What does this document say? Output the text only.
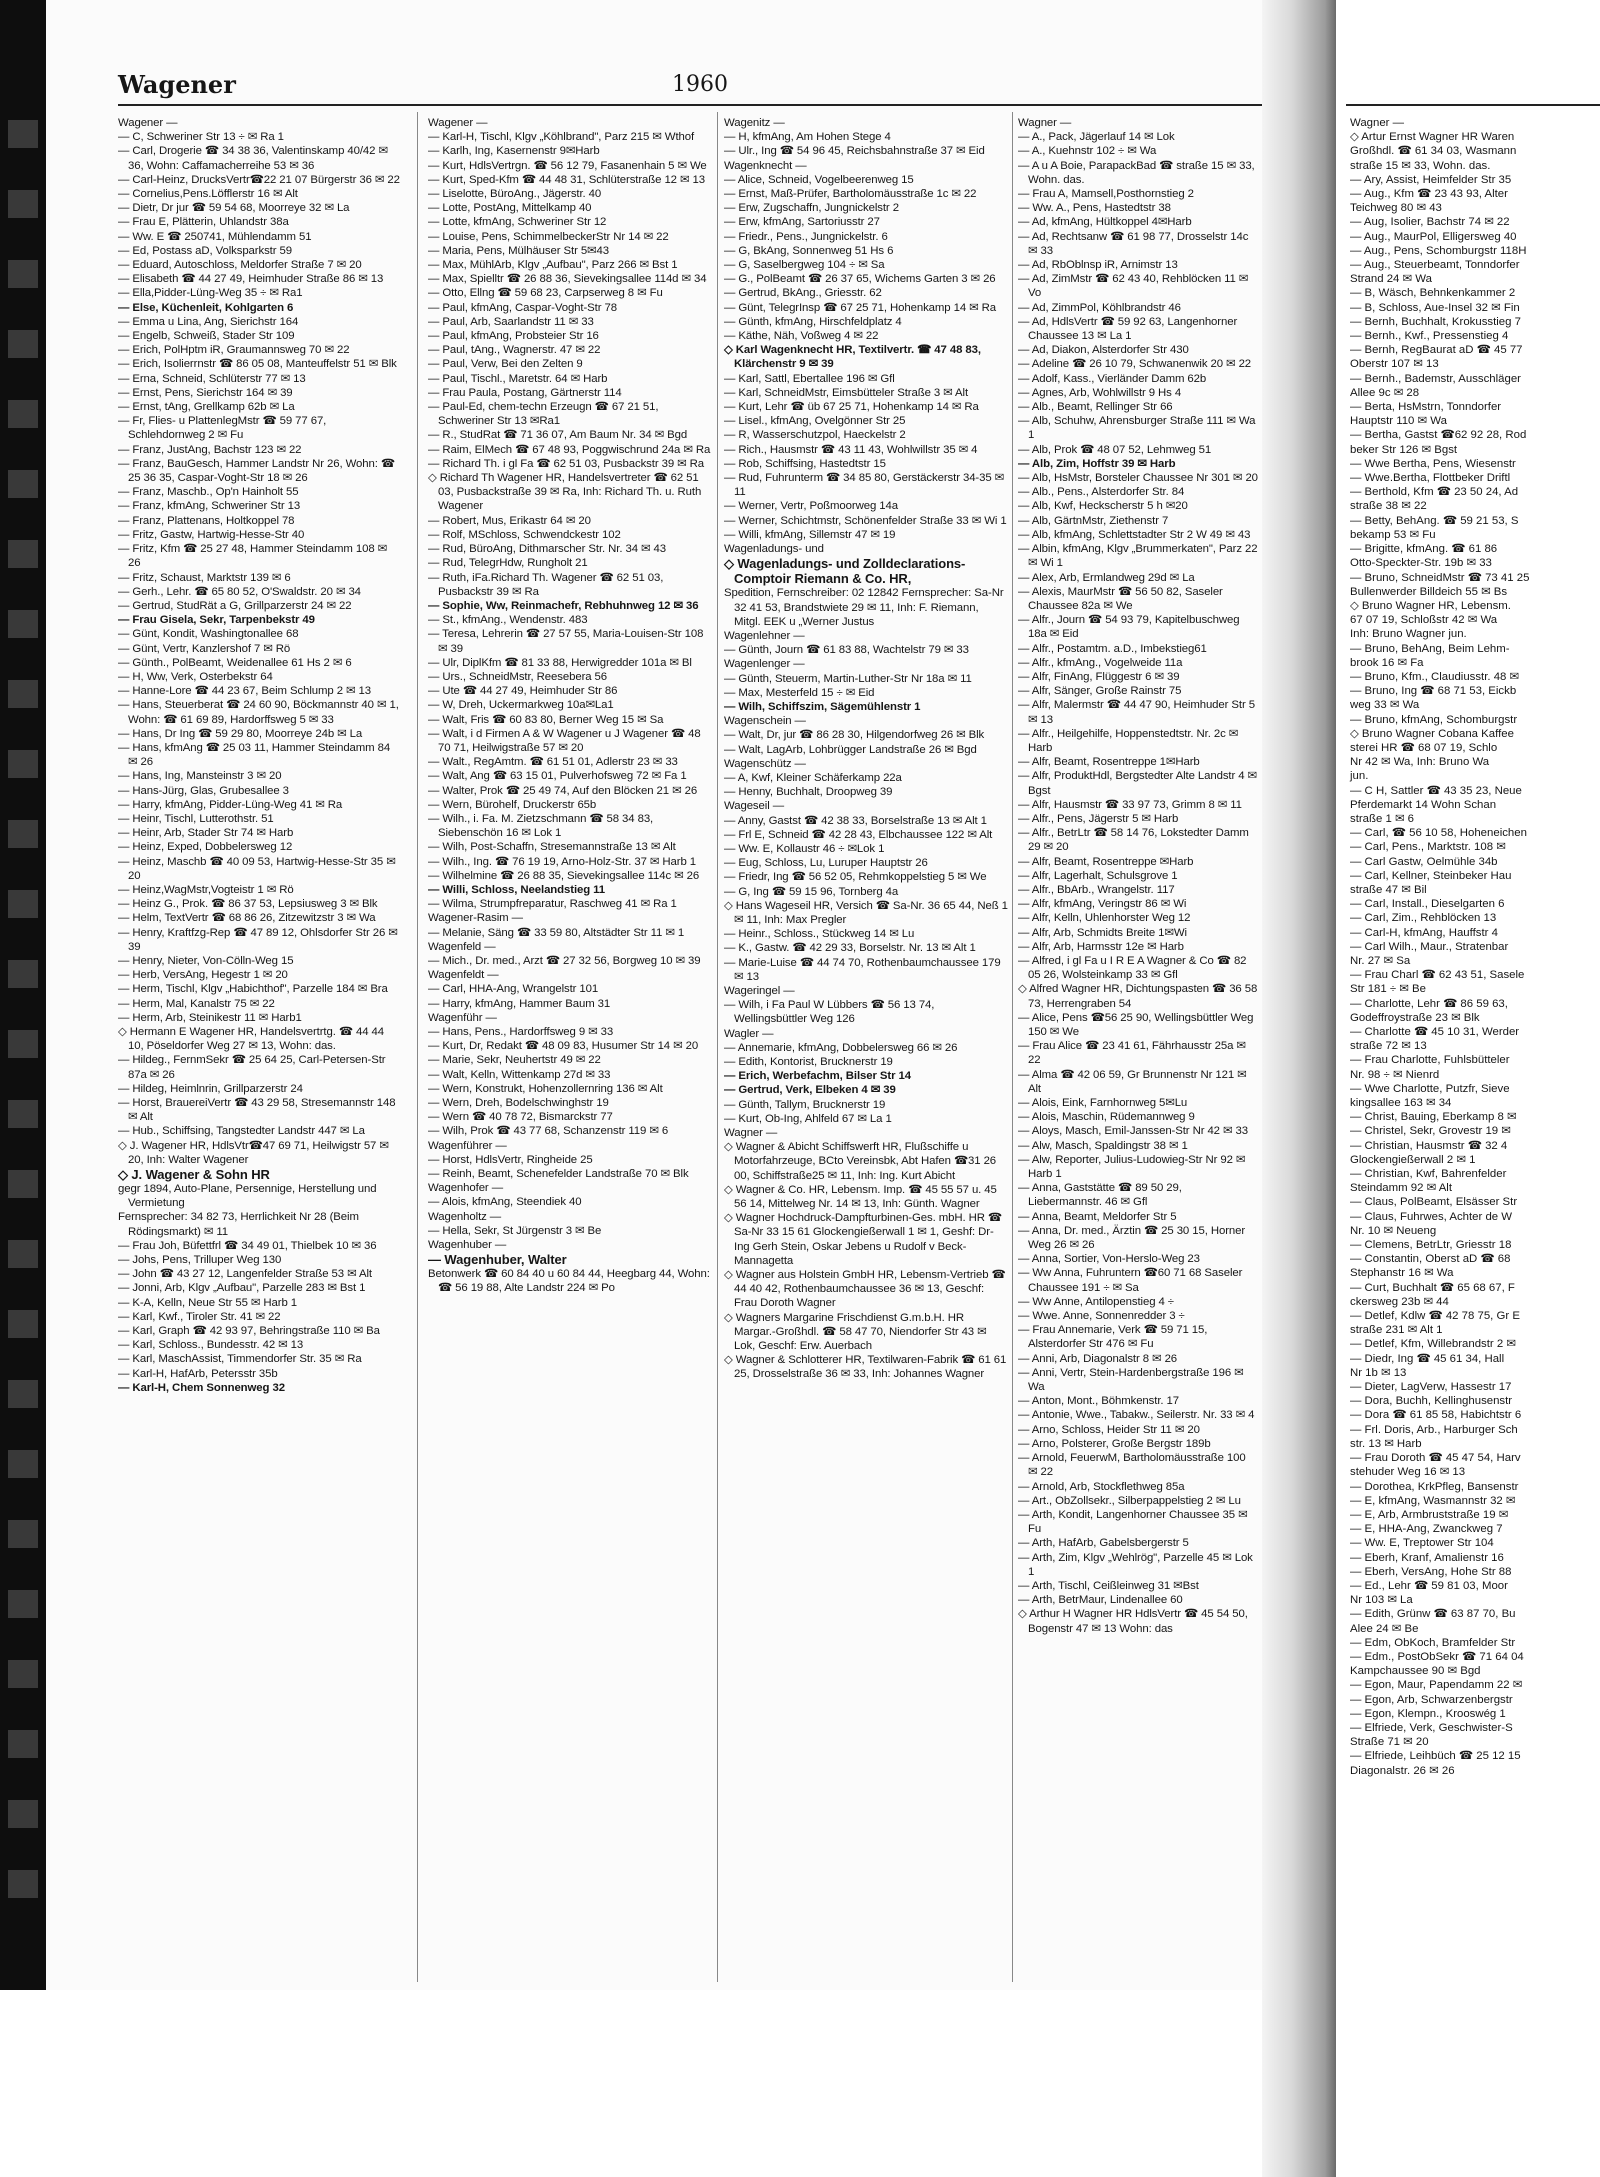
Wagener	1960
Wagener —
— C, Schweriner Str 13 ÷ ✉ Ra 1
— Carl, Drogerie ☎ 34 38 36, Valentinskamp 40/42 ✉36, Wohn: Caffamacherreihe 53 ✉ 36
— Carl-Heinz, DrucksVertr☎22 21 07 Bürgerstr 36 ✉ 22
— Cornelius,Pens.Löfflerstr 16 ✉ Alt
— Dietr, Dr jur ☎ 59 54 68, Moorreye 32 ✉ La
— Frau E, Plätterin, Uhlandstr 38a
— Ww. E ☎ 250741, Mühlendamm 51
— Ed, Postass aD, Volksparkstr 59
— Eduard, Autoschloss, Meldorfer Straße 7 ✉ 20
— Elisabeth ☎ 44 27 49, Heimhuder Straße 86 ✉ 13
— Ella,Pidder-Lüng-Weg 35 ÷ ✉ Ra1
— Else, Küchenleit, Kohlgarten 6
— Emma u Lina, Ang, Sierichstr 164
— Engelb, Schweiß, Stader Str 109
— Erich, PolHptm iR, Graumannsweg 70 ✉ 22
— Erich, Isolierrnstr ☎ 86 05 08, Manteuffelstr 51 ✉ Blk
— Erna, Schneid, Schlüterstr 77 ✉ 13
— Ernst, Pens, Sierichstr 164 ✉ 39
— Ernst, tAng, Grellkamp 62b ✉ La
— Fr, Flies- u PlattenlegMstr ☎ 59 77 67, Schlehdornweg 2 ✉ Fu
— Franz, JustAng, Bachstr 123 ✉ 22
— Franz, BauGesch, Hammer Landstr Nr 26, Wohn: ☎ 25 36 35, Caspar-Voght-Str 18 ✉ 26
— Franz, Maschb., Op'n Hainholt 55
— Franz, kfmAng, Schweriner Str 13
— Franz, Plattenans, Holtkoppel 78
— Fritz, Gastw, Hartwig-Hesse-Str 40
— Fritz, Kfm ☎ 25 27 48, Hammer Steindamm 108 ✉ 26
— Fritz, Schaust, Marktstr 139 ✉ 6
— Gerh., Lehr. ☎ 65 80 52, O'Swaldstr. 20 ✉ 34
— Gertrud, StudRät a G, Grillparzerstr 24 ✉ 22
— Frau Gisela, Sekr, Tarpenbekstr 49
— Günt, Kondit, Washingtonallee 68
— Günt, Vertr, Kanzlershof 7 ✉ Rö
— Günth., PolBeamt, Weidenallee 61 Hs 2 ✉ 6
— H, Ww, Verk, Osterbekstr 64
— Hanne-Lore ☎ 44 23 67, Beim Schlump 2 ✉ 13
— Hans, Steuerberat ☎ 24 60 90, Böckmannstr 40 ✉ 1, Wohn: ☎ 61 69 89, Hardorffsweg 5 ✉ 33
— Hans, Dr Ing ☎ 59 29 80, Moorreye 24b ✉ La
— Hans, kfmAng ☎ 25 03 11, Hammer Steindamm 84 ✉ 26
— Hans, Ing, Mansteinstr 3 ✉ 20
— Hans-Jürg, Glas, Grubesallee 3
— Harry, kfmAng, Pidder-Lüng-Weg 41 ✉ Ra
— Heinr, Tischl, Lutterothstr. 51
— Heinr, Arb, Stader Str 74 ✉ Harb
— Heinz, Exped, Dobbelersweg 12
— Heinz, Maschb ☎ 40 09 53, Hartwig-Hesse-Str 35 ✉ 20
— Heinz,WagMstr,Vogteistr 1 ✉ Rö
— Heinz G., Prok. ☎ 86 37 53, Lepsiusweg 3 ✉ Blk
— Helm, TextVertr ☎ 68 86 26, Zitzewitzstr 3 ✉ Wa
— Henry, Kraftfzg-Rep ☎ 47 89 12, Ohlsdorfer Str 26 ✉ 39
— Henry, Nieter, Von-Cölln-Weg 15
— Herb, VersAng, Hegestr 1 ✉ 20
— Herm, Tischl, Klgv „Habichthof", Parzelle 184 ✉ Bra
— Herm, Mal, Kanalstr 75 ✉ 22
— Herm, Arb, Steinikestr 11 ✉ Harb1
◇ Hermann E Wagener HR, Handelsvertrtg. ☎ 44 44 10, Pöseldorfer Weg 27 ✉ 13, Wohn: das.
— Hildeg., FernmSekr ☎ 25 64 25, Carl-Petersen-Str 87a ✉ 26
— Hildeg, Heimlnrin, Grillparzerstr 24
— Horst, BrauereiVertr ☎ 43 29 58, Stresemannstr 148 ✉ Alt
— Hub., Schiffsing, Tangstedter Landstr 447 ✉ La
◇ J. Wagener HR, HdlsVtr☎47 69 71, Heilwigstr 57 ✉ 20, Inh: Walter Wagener
◇ J. Wagener & Sohn HR
gegr 1894, Auto-Plane, Persennige, Herstellung und Vermietung
Fernsprecher: 34 82 73, Herrlichkeit Nr 28 (Beim Rödingsmarkt) ✉ 11
— Frau Joh, Büfettfrl ☎ 34 49 01, Thielbek 10 ✉ 36
— Johs, Pens, Trilluper Weg 130
— John ☎ 43 27 12, Langenfelder Straße 53 ✉ Alt
— Jonni, Arb, Klgv „Aufbau", Parzelle 283 ✉ Bst 1
— K-A, Kelln, Neue Str 55 ✉ Harb 1
— Karl, Kwf., Tiroler Str. 41 ✉ 22
— Karl, Graph ☎ 42 93 97, Behringstraße 110 ✉ Ba
— Karl, Schloss., Bundesstr. 42 ✉ 13
— Karl, MaschAssist, Timmendorfer Str. 35 ✉ Ra
— Karl-H, HafArb, Petersstr 35b
— Karl-H, Chem Sonnenweg 32
Wagener —
— Karl-H, Tischl, Klgv „Köhlbrand", Parz 215 ✉ Wthof
— Karlh, Ing, Kasernenstr 9✉Harb
— Kurt, HdlsVertrgn. ☎ 56 12 79, Fasanenhain 5 ✉ We
— Kurt, Sped-Kfm ☎ 44 48 31, Schlüterstraße 12 ✉ 13
— Liselotte, BüroAng., Jägerstr. 40
— Lotte, PostAng, Mittelkamp 40
— Lotte, kfmAng, Schweriner Str 12
— Louise, Pens, SchimmelbeckerStr Nr 14 ✉ 22
— Maria, Pens, Mülhäuser Str 5✉43
— Max, MühlArb, Klgv „Aufbau", Parz 266 ✉ Bst 1
— Max, Spielltr ☎ 26 88 36, Sievekingsallee 114d ✉ 34
— Otto, Ellng ☎ 59 68 23, Carpserweg 8 ✉ Fu
— Paul, kfmAng, Caspar-Voght-Str 78
— Paul, Arb, Saarlandstr 11 ✉ 33
— Paul, kfmAng, Probsteier Str 16
— Paul, tAng., Wagnerstr. 47 ✉ 22
— Paul, Verw, Bei den Zelten 9
— Paul, Tischl., Maretstr. 64 ✉ Harb
— Frau Paula, Postang, Gärtnerstr 114
— Paul-Ed, chem-techn Erzeugn ☎ 67 21 51, Schweriner Str 13 ✉Ra1
— R., StudRat ☎ 71 36 07, Am Baum Nr. 34 ✉ Bgd
— Raim, ElMech ☎ 67 48 93, Poggwischrund 24a ✉ Ra
— Richard Th. i gl Fa ☎ 62 51 03, Pusbackstr 39 ✉ Ra
◇ Richard Th Wagener HR, Handelsvertreter ☎ 62 51 03, Pusbackstraße 39 ✉ Ra, Inh: Richard Th. u. Ruth Wagener
— Robert, Mus, Erikastr 64 ✉ 20
— Rolf, MSchloss, Schwendckestr 102
— Rud, BüroAng, Dithmarscher Str. Nr. 34 ✉ 43
— Rud, TelegrHdw, Rungholt 21
— Ruth, iFa.Richard Th. Wagener ☎ 62 51 03, Pusbackstr 39 ✉ Ra
— Sophie, Ww, Reinmachefr, Rebhuhnweg 12 ✉ 36
— St., kfmAng., Wendenstr. 483
— Teresa, Lehrerin ☎ 27 57 55, Maria-Louisen-Str 108 ✉ 39
— Ulr, DiplKfm ☎ 81 33 88, Herwigredder 101a ✉ Bl
— Urs., SchneidMstr, Reesebera 56
— Ute ☎ 44 27 49, Heimhuder Str 86
— W, Dreh, Uckermarkweg 10a✉La1
— Walt, Fris ☎ 60 83 80, Berner Weg 15 ✉ Sa
— Walt, i d Firmen A & W Wagener u J Wagener ☎ 48 70 71, Heilwigstraße 57 ✉ 20
— Walt., RegAmtm. ☎ 61 51 01, Adlerstr 23 ✉ 33
— Walt, Ang ☎ 63 15 01, Pulverhofsweg 72 ✉ Fa 1
— Walter, Prok ☎ 25 49 74, Auf den Blöcken 21 ✉ 26
— Wern, Bürohelf, Druckerstr 65b
— Wilh., i. Fa. M. Zietzschmann ☎ 58 34 83, Siebenschön 16 ✉ Lok 1
— Wilh, Post-Schaffn, Stresemannstraße 13 ✉ Alt
— Wilh., Ing. ☎ 76 19 19, Arno-Holz-Str. 37 ✉ Harb 1
— Wilhelmine ☎ 26 88 35, Sievekingsallee 114c ✉ 26
— Willi, Schloss, Neelandstieg 11
— Wilma, Strumpfreparatur, Raschweg 41 ✉ Ra 1
Wagener-Rasim —
— Melanie, Säng ☎ 33 59 80, Altstädter Str 11 ✉ 1
Wagenfeld —
— Mich., Dr. med., Arzt ☎ 27 32 56, Borgweg 10 ✉ 39
Wagenfeldt —
— Carl, HHA-Ang, Wrangelstr 101
— Harry, kfmAng, Hammer Baum 31
Wagenführ —
— Hans, Pens., Hardorffsweg 9 ✉ 33
— Kurt, Dr, Redakt ☎ 48 09 83, Husumer Str 14 ✉ 20
— Marie, Sekr, Neuhertstr 49 ✉ 22
— Walt, Kelln, Wittenkamp 27d ✉ 33
— Wern, Konstrukt, Hohenzollernring 136 ✉ Alt
— Wern, Dreh, Bodelschwinghstr 19
— Wern ☎ 40 78 72, Bismarckstr 77
— Wilh, Prok ☎ 43 77 68, Schanzenstr 119 ✉ 6
Wagenführer —
— Horst, HdlsVertr, Ringheide 25
— Reinh, Beamt, Schenefelder Landstraße 70 ✉ Blk
Wagenhofer —
— Alois, kfmAng, Steendiek 40
Wagenholtz —
— Hella, Sekr, St Jürgenstr 3 ✉ Be
Wagenhuber —
— Wagenhuber, Walter
Betonwerk ☎ 60 84 40 u 60 84 44, Heegbarg 44, Wohn: ☎ 56 19 88, Alte Landstr 224 ✉ Po
Wagenitz —
— H, kfmAng, Am Hohen Stege 4
— Ulr., Ing ☎ 54 96 45, Reichsbahnstraße 37 ✉ Eid
Wagenknecht —
— Alice, Schneid, Vogelbeerenweg 15
— Ernst, Maß-Prüfer, Bartholomäusstraße 1c ✉ 22
— Erw, Zugschaffn, Jungnickelstr 2
— Erw, kfmAng, Sartoriusstr 27
— Friedr., Pens., Jungnickelstr. 6
— G, BkAng, Sonnenweg 51 Hs 6
— G, Saselbergweg 104 ÷ ✉ Sa
— G., PolBeamt ☎ 26 37 65, Wichems Garten 3 ✉ 26
— Gertrud, BkAng., Griesstr. 62
— Günt, TelegrInsp ☎ 67 25 71, Hohenkamp 14 ✉ Ra
— Günth, kfmAng, Hirschfeldplatz 4
— Käthe, Näh, Voßweg 4 ✉ 22
◇ Karl Wagenknecht HR, Textilvertr. ☎ 47 48 83, Klärchenstr 9 ✉ 39
— Karl, Sattl, Ebertallee 196 ✉ Gfl
— Karl, SchneidMstr, Eimsbütteler Straße 3 ✉ Alt
— Kurt, Lehr ☎ üb 67 25 71, Hohenkamp 14 ✉ Ra
— Lisel., kfmAng, Ovelgönner Str 25
— R, Wasserschutzpol, Haeckelstr 2
— Rich., Hausmstr ☎ 43 11 43, Wohlwillstr 35 ✉ 4
— Rob, Schiffsing, Hastedtstr 15
— Rud, Fuhrunterm ☎ 34 85 80, Gerstäckerstr 34-35 ✉ 11
— Werner, Vertr, Poßmoorweg 14a
— Werner, Schichtmstr, Schönenfelder Straße 33 ✉ Wi 1
— Willi, kfmAng, Sillemstr 47 ✉ 19
Wagenladungs- und
◇ Wagenladungs- und Zolldeclarations-Comptoir Riemann & Co. HR,
Spedition, Fernschreiber: 02 12842 Fernsprecher: Sa-Nr 32 41 53, Brandstwiete 29 ✉ 11, Inh: F. Riemann, Mitgl. EEK u „Werner Justus
Wagenlehner —
— Günth, Journ ☎ 61 83 88, Wachtelstr 79 ✉ 33
Wagenlenger —
— Günth, Steuerm, Martin-Luther-Str Nr 18a ✉ 11
— Max, Mesterfeld 15 ÷ ✉ Eid
— Wilh, Schiffszim, Sägemühlenstr 1
Wagenschein —
— Walt, Dr, jur ☎ 86 28 30, Hilgendorfweg 26 ✉ Blk
— Walt, LagArb, Lohbrügger Landstraße 26 ✉ Bgd
Wagenschütz —
— A, Kwf, Kleiner Schäferkamp 22a
— Henny, Buchhalt, Droopweg 39
Wageseil —
— Anny, Gastst ☎ 42 38 33, Borselstraße 13 ✉ Alt 1
— Frl E, Schneid ☎ 42 28 43, Elbchaussee 122 ✉ Alt
— Ww. E, Kollaustr 46 ÷ ✉Lok 1
— Eug, Schloss, Lu, Luruper Hauptstr 26
— Friedr, Ing ☎ 56 52 05, Rehmkoppelstieg 5 ✉ We
— G, Ing ☎ 59 15 96, Tornberg 4a
◇ Hans Wageseil HR, Versich ☎ Sa-Nr. 36 65 44, Neß 1 ✉ 11, Inh: Max Pregler
— Heinr., Schloss., Stückweg 14 ✉ Lu
— K., Gastw. ☎ 42 29 33, Borselstr. Nr. 13 ✉ Alt 1
— Marie-Luise ☎ 44 74 70, Rothenbaumchaussee 179 ✉ 13
Wageringel —
— Wilh, i Fa Paul W Lübbers ☎ 56 13 74, Wellingsbüttler Weg 126
Wagler —
— Annemarie, kfmAng, Dobbelersweg 66 ✉ 26
— Edith, Kontorist, Brucknerstr 19
— Erich, Werbefachm, Bilser Str 14
— Gertrud, Verk, Elbeken 4 ✉ 39
— Günth, Tallym, Brucknerstr 19
— Kurt, Ob-Ing, Ahlfeld 67 ✉ La 1
Wagner —
◇ Wagner & Abicht Schiffswerft HR, Flußschiffe u Motorfahrzeuge, BCto Vereinsbk, Abt Hafen ☎31 26 00, Schiffstraße25 ✉ 11, Inh: Ing. Kurt Abicht
◇ Wagner & Co. HR, Lebensm. Imp. ☎ 45 55 57 u. 45 56 14, Mittelweg Nr. 14 ✉ 13, Inh: Günth. Wagner
◇ Wagner Hochdruck-Dampfturbinen-Ges. mbH. HR ☎ Sa-Nr 33 15 61 Glockengießerwall 1 ✉ 1, Geshf: Dr-Ing Gerh Stein, Oskar Jebens u Rudolf v Beck-Mannagetta
◇ Wagner aus Holstein GmbH HR, Lebensm-Vertrieb ☎ 44 40 42, Rothenbaumchaussee 36 ✉ 13, Geschf: Frau Doroth Wagner
◇ Wagners Margarine Frischdienst G.m.b.H. HR Margar.-Großhdl. ☎ 58 47 70, Niendorfer Str 43 ✉ Lok, Geschf: Erw. Auerbach
◇ Wagner & Schlotterer HR, Textilwaren-Fabrik ☎ 61 61 25, Drosselstraße 36 ✉ 33, Inh: Johannes Wagner
Wagner —
— A., Pack, Jägerlauf 14 ✉ Lok
— A., Kuehnstr 102 ÷ ✉ Wa
— A u A Boie, ParapackBad ☎ straße 15 ✉ 33, Wohn. das.
— Frau A, Mamsell,Posthornstieg 2
— Ww. A., Pens, Hastedtstr 38
— Ad, kfmAng, Hültkoppel 4✉Harb
— Ad, Rechtsanw ☎ 61 98 77, Drosselstr 14c ✉ 33
— Ad, RbOblnsp iR, Arnimstr 13
— Ad, ZimMstr ☎ 62 43 40, Rehblöcken 11 ✉ Vo
— Ad, ZimmPol, Köhlbrandstr 46
— Ad, HdlsVertr ☎ 59 92 63, Langenhorner Chaussee 13 ✉ La 1
— Ad, Diakon, Alsterdorfer Str 430
— Adeline ☎ 26 10 79, Schwanenwik 20 ✉ 22
— Adolf, Kass., Vierländer Damm 62b
— Agnes, Arb, Wohlwillstr 9 Hs 4
— Alb., Beamt, Rellinger Str 66
— Alb, Schuhw, Ahrensburger Straße 111 ✉ Wa 1
— Alb, Prok ☎ 48 07 52, Lehmweg 51
— Alb, Zim, Hoffstr 39 ✉ Harb
— Alb, HsMstr, Borsteler Chaussee Nr 301 ✉ 20
— Alb., Pens., Alsterdorfer Str. 84
— Alb, Kwf, Heckscherstr 5 h ✉20
— Alb, GärtnMstr, Ziethenstr 7
— Alb, kfmAng, Schlettstadter Str 2 W 49 ✉ 43
— Albin, kfmAng, Klgv „Brummerkaten", Parz 22 ✉ Wi 1
— Alex, Arb, Ermlandweg 29d ✉ La
— Alexis, MaurMstr ☎ 56 50 82, Saseler Chaussee 82a ✉ We
— Alfr., Journ ☎ 54 93 79, Kapitelbuschweg 18a ✉ Eid
— Alfr., Postamtm. a.D., Imbekstieg61
— Alfr., kfmAng., Vogelweide 11a
— Alfr, FinAng, Flüggestr 6 ✉ 39
— Alfr, Sänger, Große Rainstr 75
— Alfr, Malermstr ☎ 44 47 90, Heimhuder Str 5 ✉ 13
— Alfr., Heilgehilfe, Hoppenstedtstr. Nr. 2c ✉ Harb
— Alfr, Beamt, Rosentreppe 1✉Harb
— Alfr, ProduktHdl, Bergstedter Alte Landstr 4 ✉ Bgst
— Alfr, Hausmstr ☎ 33 97 73, Grimm 8 ✉ 11
— Alfr., Pens, Jägerstr 5 ✉ Harb
— Alfr., BetrLtr ☎ 58 14 76, Lokstedter Damm 29 ✉ 20
— Alfr, Beamt, Rosentreppe ✉Harb
— Alfr, Lagerhalt, Schulsgrove 1
— Alfr., BbArb., Wrangelstr. 117
— Alfr, kfmAng, Veringstr 86 ✉ Wi
— Alfr, Kelln, Uhlenhorster Weg 12
— Alfr, Arb, Schmidts Breite 1✉Wi
— Alfr, Arb, Harmsstr 12e ✉ Harb
— Alfred, i gl Fa u I R E A Wagner & Co ☎ 82 05 26, Wolsteinkamp 33 ✉ Gfl
◇ Alfred Wagner HR, Dichtungspasten ☎ 36 58 73, Herrengraben 54
— Alice, Pens ☎56 25 90, Wellingsbüttler Weg 150 ✉ We
— Frau Alice ☎ 23 41 61, Fährhausstr 25a ✉ 22
— Alma ☎ 42 06 59, Gr Brunnenstr Nr 121 ✉ Alt
— Alois, Eink, Farnhornweg 5✉Lu
— Alois, Maschin, Rüdemannweg 9
— Aloys, Masch, Emil-Janssen-Str Nr 42 ✉ 33
— Alw, Masch, Spaldingstr 38 ✉ 1
— Alw, Reporter, Julius-Ludowieg-Str Nr 92 ✉ Harb 1
— Anna, Gaststätte ☎ 89 50 29, Liebermannstr. 46 ✉ Gfl
— Anna, Beamt, Meldorfer Str 5
— Anna, Dr. med., Ärztin ☎ 25 30 15, Horner Weg 26 ✉ 26
— Anna, Sortier, Von-Herslo-Weg 23
— Ww Anna, Fuhruntern ☎60 71 68 Saseler Chaussee 191 ÷ ✉ Sa
— Ww Anne, Antilopenstieg 4 ÷
— Wwe. Anne, Sonnenredder 3 ÷
— Frau Annemarie, Verk ☎ 59 71 15, Alsterdorfer Str 476 ✉ Fu
— Anni, Arb, Diagonalstr 8 ✉ 26
— Anni, Vertr, Stein-Hardenbergstraße 196 ✉ Wa
— Anton, Mont., Böhmkenstr. 17
— Antonie, Wwe., Tabakw., Seilerstr. Nr. 33 ✉ 4
— Arno, Schloss, Heider Str 11 ✉ 20
— Arno, Polsterer, Große Bergstr 189b
— Arnold, FeuerwM, Bartholomäusstraße 100 ✉ 22
— Arnold, Arb, Stockflethweg 85a
— Art., ObZollsekr., Silberpappelstieg 2 ✉ Lu
— Arth, Kondit, Langenhorner Chaussee 35 ✉ Fu
— Arth, HafArb, Gabelsbergerstr 5
— Arth, Zim, Klgv „Wehlrög", Parzelle 45 ✉ Lok 1
— Arth, Tischl, Ceißleinweg 31 ✉Bst
— Arth, BetrMaur, Lindenallee 60
◇ Arthur H Wagner HR HdlsVertr ☎ 45 54 50, Bogenstr 47 ✉ 13 Wohn: das
Wagner —
◇ Artur Ernst Wagner HR Waren
Großhdl. ☎ 61 34 03, Wasmann
straße 15 ✉ 33, Wohn. das.
— Ary, Assist, Heimfelder Str 35
— Aug., Kfm ☎ 23 43 93, Alter
Teichweg 80 ✉ 43
— Aug, Isolier, Bachstr 74 ✉ 22
— Aug., MaurPol, Elligersweg 40
— Aug., Pens, Schomburgstr 118H
— Aug., Steuerbeamt, Tonndorfer
Strand 24 ✉ Wa
— B, Wäsch, Behnkenkammer 2
— B, Schloss, Aue-Insel 32 ✉ Fin
— Bernh, Buchhalt, Krokusstieg 7
— Bernh., Kwf., Pressenstieg 4
— Bernh, RegBaurat aD ☎ 45 77
Oberstr 107 ✉ 13
— Bernh., Bademstr, Ausschläger
Allee 9c ✉ 28
— Berta, HsMstrn, Tonndorfer
Hauptstr 110 ✉ Wa
— Bertha, Gastst ☎62 92 28, Rod
beker Str 126 ✉ Bgst
— Wwe Bertha, Pens, Wiesenstr
— Wwe.Bertha, Flottbeker Driftl
— Berthold, Kfm ☎ 23 50 24, Ad
straße 38 ✉ 22
— Betty, BehAng. ☎ 59 21 53, S
bekamp 53 ✉ Fu
— Brigitte, kfmAng. ☎ 61 86
Otto-Speckter-Str. 19b ✉ 33
— Bruno, SchneidMstr ☎ 73 41 25
Bullenwerder Billdeich 55 ✉ Bs
◇ Bruno Wagner HR, Lebensm.
67 07 19, Schloßstr 42 ✉ Wa
Inh: Bruno Wagner jun.
— Bruno, BehAng, Beim Lehm-
brook 16 ✉ Fa
— Bruno, Kfm., Claudiusstr. 48 ✉
— Bruno, Ing ☎ 68 71 53, Eickb
weg 33 ✉ Wa
— Bruno, kfmAng, Schomburgstr
◇ Bruno Wagner Cobana Kaffee
sterei HR ☎ 68 07 19, Schlo
Nr 42 ✉ Wa, Inh: Bruno Wa
jun.
— C H, Sattler ☎ 43 35 23, Neue
Pferdemarkt 14 Wohn Schan
straße 1 ✉ 6
— Carl, ☎ 56 10 58, Hoheneichen
— Carl, Pens., Marktstr. 108 ✉
— Carl Gastw, Oelmühle 34b
— Carl, Kellner, Steinbeker Hau
straße 47 ✉ Bil
— Carl, Install., Dieselgarten 6
— Carl, Zim., Rehblöcken 13
— Carl-H, kfmAng, Hauffstr 4
— Carl Wilh., Maur., Stratenbar
Nr. 27 ✉ Sa
— Frau Charl ☎ 62 43 51, Sasele
Str 181 ÷ ✉ Be
— Charlotte, Lehr ☎ 86 59 63,
Godeffroystraße 23 ✉ Blk
— Charlotte ☎ 45 10 31, Werder
straße 72 ✉ 13
— Frau Charlotte, Fuhlsbütteler
Nr. 98 ÷ ✉ Nienrd
— Wwe Charlotte, Putzfr, Sieve
kingsallee 163 ✉ 34
— Christ, Bauing, Eberkamp 8 ✉
— Christel, Sekr, Grovestr 19 ✉
— Christian, Hausmstr ☎ 32 4
Glockengießerwall 2 ✉ 1
— Christian, Kwf, Bahrenfelder
Steindamm 92 ✉ Alt
— Claus, PolBeamt, Elsässer Str
— Claus, Fuhrwes, Achter de W
Nr. 10 ✉ Neueng
— Clemens, BetrLtr, Griesstr 18
— Constantin, Oberst aD ☎ 68
Stephanstr 16 ✉ Wa
— Curt, Buchhalt ☎ 65 68 67, F
ckersweg 23b ✉ 44
— Detlef, Kdlw ☎ 42 78 75, Gr E
straße 231 ✉ Alt 1
— Detlef, Kfm, Willebrandstr 2 ✉
— Diedr, Ing ☎ 45 61 34, Hall
Nr 1b ✉ 13
— Dieter, LagVerw, Hassestr 17
— Dora, Buchh, Kellinghusenstr
— Dora ☎ 61 85 58, Habichtstr 6
— Frl. Doris, Arb., Harburger Sch
str. 13 ✉ Harb
— Frau Doroth ☎ 45 47 54, Harv
stehuder Weg 16 ✉ 13
— Dorothea, KrkPfleg, Bansenstr
— E, kfmAng, Wasmannstr 32 ✉
— E, Arb, Armbruststraße 19 ✉
— E, HHA-Ang, Zwanckweg 7
— Ww. E, Treptower Str 104
— Eberh, Kranf, Amalienstr 16
— Eberh, VersAng, Hohe Str 88
— Ed., Lehr ☎ 59 81 03, Moor
Nr 103 ✉ La
— Edith, Grünw ☎ 63 87 70, Bu
Alee 24 ✉ Be
— Edm, ObKoch, Bramfelder Str
— Edm., PostObSekr ☎ 71 64 04
Kampchaussee 90 ✉ Bgd
— Egon, Maur, Papendamm 22 ✉
— Egon, Arb, Schwarzenbergstr
— Egon, Klempn., Krooswég 1
— Elfriede, Verk, Geschwister-S
Straße 71 ✉ 20
— Elfriede, Leihbüch ☎ 25 12 15
Diagonalstr. 26 ✉ 26
